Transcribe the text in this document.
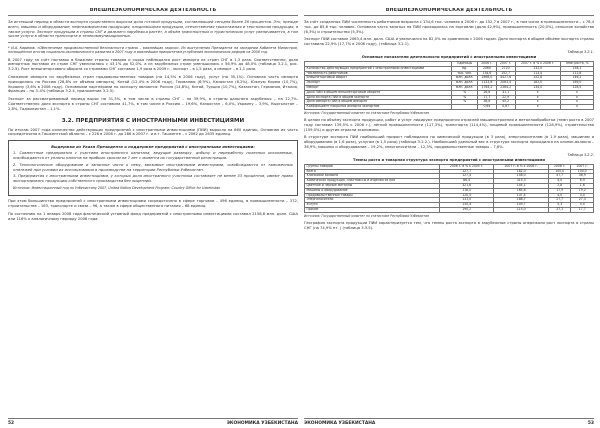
ВНЕШНЕЭКОНОМИЧЕСКАЯ ДЕЯТЕЛЬНОСТЬ

За истекший период в области экспорта существенно выросла доля готовой продукции, составляющей сегодня более 38 процентов. Это, прежде всего, машины и оборудование, нефтехимическая продукция, плодоовощная продукция, отечественная трикотажная и текстильная продукция, а также услуги. Экспорт продукции в страны СНГ и дальнего зарубежья растёт, а объём транспортных и туристических услуг увеличивается, в том числе услуги в области транспорта и телекоммуникационных.

* И.А. Каримов. «Обеспечение продовольственной безопасности страны – важнейшая задача». Из выступления Президента на заседании Кабинета Министров, посвящённом итогам социально-экономического развития в 2007 году и важнейшим приоритетам углубления экономических реформ на 2008 год.

В 2007 году за счёт поставок в ближние страны товаров и сырья наблюдался рост импорта из стран СНГ в 1,3 раза. Соответственно, доля импортных поставок из стран СНГ увеличилась с 43,1% до 52,0%, а из зарубежных стран уменьшилась с 56,9% до 48,0% (таблица 3.2.1, рис. 3.2.5). Рост внешнеторгового оборота со странами СНГ составил 1,9 раза в 2009 г., экспорт – в 1,5 раза, а импорт – в 1,1 раза.

Снижение импорта из зарубежных стран продовольственных товаров (на 14,5% в 2006 году), услуг (на 35,1%). Основная часть импорта приходилась на Россию (28,8% от объёма импорта), Китай (12,4% в 2006 году), Германию (6,9%), Казахстан (6,2%), Южную Корею (10,7%), Украину (3,6% в 2006 году). Основными партнёрами по экспорту являются: Россия (14,8%), Китай, Турция (10,7%), Казахстан, Германия, Италия, Франция – по 3–4% (таблица 3.2.4, приложение 3.2.5).

Экспорт за рассматриваемый период вырос на 31,3%, в том числе в страны СНГ – на 39,9%, в страны дальнего зарубежья – на 12,7%. Соответственно доля экспорта в страны СНГ составила 41,7%, в том числе в Россию – 19,6%, Казахстан – 6,0%, Украину – 3,9%, Кыргызстан – 2,8%, Таджикистан – 1,1%.

3.2. ПРЕДПРИЯТИЯ С ИНОСТРАННЫМИ ИНВЕСТИЦИЯМИ

По итогам 2007 года количество действующих предприятий с иностранными инвестициями (ПИИ) выросло на 660 единиц. Основная их часть сосредоточена в Ташкентской области – с 226 в 2006 г. до 286 в 2007 г. и в г. Ташкенте – с 2062 до 2635 единиц.

Выдержки из Указа Президента о поддержке предприятий с иностранными инвестициями:

1. Совместные предприятия с участием иностранного капитала, ведущие разведку, добычу и переработку полезных ископаемых, освобождаются от уплаты налогов на прибыль сроком на 7 лет с момента их государственной регистрации.

2. Технологическое оборудование и запасные части к нему, ввозимые иностранными инвесторами, освобождаются от таможенных платежей при условии их использования в производстве на территории Республики Узбекистан.

3. Предприятия с иностранными инвестициями, у которых доля иностранного участника составляет не менее 33 процентов, имеют право экспортировать продукцию собственного производства без лицензий.

Источник: Инвестиционный гид по Узбекистану 2007, United Nation Development Program; Country Office for Uzbekistan

При этом большинство предприятий с иностранными инвестициями сосредоточено в сфере торговли – 496 единиц, в промышленности – 372, строительстве – 163, транспорте и связи – 96, а также в сфере общественного питания – 68 единиц.

По состоянию на 1 января 2008 года фактический уставный фонд предприятий с иностранными инвестициями составил 2158,8 млн. долл. США или 116% к аналогичному периоду 2006 года.

52	ЭКОНОМИКА УЗБЕКИСТАНА
ВНЕШНЕЭКОНОМИЧЕСКАЯ ДЕЯТЕЛЬНОСТЬ

За счёт созданных ПИИ численность работников возросла с 134,6 тыс. человек в 2006 г. до 152,7 в 2007 г., в том числе в промышленности – с 78,4 тыс. до 85,6 тыс. человек. Основная часть занятых на ПИИ приходилась на торговлю (доля 42,9%), промышленность (20,0%), сельское хозяйство (6,3%) и строительство (5,3%).

Экспорт ПИИ составил 2063,4 млн. долл. США и увеличился на 82,0% по сравнению с 2006 годом. Доля экспорта в общем объёме экспорта страны составила 22,9% (17,7% в 2006 году), (таблица 3.2.1).

Таблица 3.2.1.
Основные показатели деятельности предприятий с иностранными инвестициями
	Единицы	2006 г.	2007 г.	2007 г. в % к 2006 г.	Темп роста, %
Количество действующих предприятий с иностранными инвестициями	ед.	2060	2720	132,0	158,1
Численность работников	тыс. чел.	134,6	152,7	113,4	112,8
Внешнеторговый оборот	млн. долл.	2898,0	4427,6	152,8	146,2
Экспорт	млн. долл.	1133,8	2063,4	182,0	169,0
Импорт	млн. долл.	1764,2	2364,2	134,0	128,5
Доля ПИИ в общем внешнеторговом обороте	%	26,8	31,1	х	х
Доля экспорта ПИИ в общем экспорте	%	17,7	22,9	х	х
Доля импорта ПИИ в общем импорте	%	38,8	45,2	х	х
Коэффициент покрытия импорта экспортом		0,64	0,87	х	х
Источник: Государственный комитет по статистике Республики Узбекистан

В целом по объёму экспорта продукции, работ и услуг лидируют предприятия отраслей машиностроения и металлообработки (темп роста в 2007 году составил 139,5% к 2006 г.), лёгкой промышленности (117,3%), транспорта (114,4%), пищевой промышленности (128,9%), строительства (159,0%) и другие отрасли экономики.

В структуре экспорта ПИИ наибольший прирост наблюдался по химической продукции (в 3 раза), энергоносителям (в 1,9 раза), машинам и оборудованию (в 1,6 раза), услугам (в 1,5 раза) (таблица 3.2.2.). Наибольший удельный вес в структуре экспорта приходился на хлопок-волокно – 36,9%, машины и оборудование – 19,2%, энергоносители – 12,3%, продовольственные товары – 7,6%.

Таблица 3.2.2.
Темпы роста и товарная структура экспорта предприятий с иностранными инвестициями
Группы товаров	2006 г. в % к 2005 г.	2007 г. в % к 2006 г.	2006 г.	2007 г.
Всего	127,7	182,0	100,0	100,0
Хлопковое волокно	127,4	158,0	47,7	36,9
Химическая продукция, пластмассы и изделия из них	66,4	315,3	4,0	6,9
Цветные и чёрные металлы	321,6	144,1	2,8	1,6
Машины и оборудование	116,0	164,6	17,9	19,2
Продовольственные товары	120,5	137,4	4,0	3,0
Энергоносители	131,0	188,7	27,7	27,3
Услуги	130,4	149,7	5,3	4,4
Прочие	190,2	115,0	27,1	17,7
Источник: Государственный комитет по статистике Республики Узбекистан

География экспорта продукции ПИИ характеризуется тем, что темпы роста экспорта в зарубежные страны опережали рост экспорта в страны СНГ (на 74,9% пт. ) (таблица 3.3.5).

ЭКОНОМИКА УЗБЕКИСТАНА	53
